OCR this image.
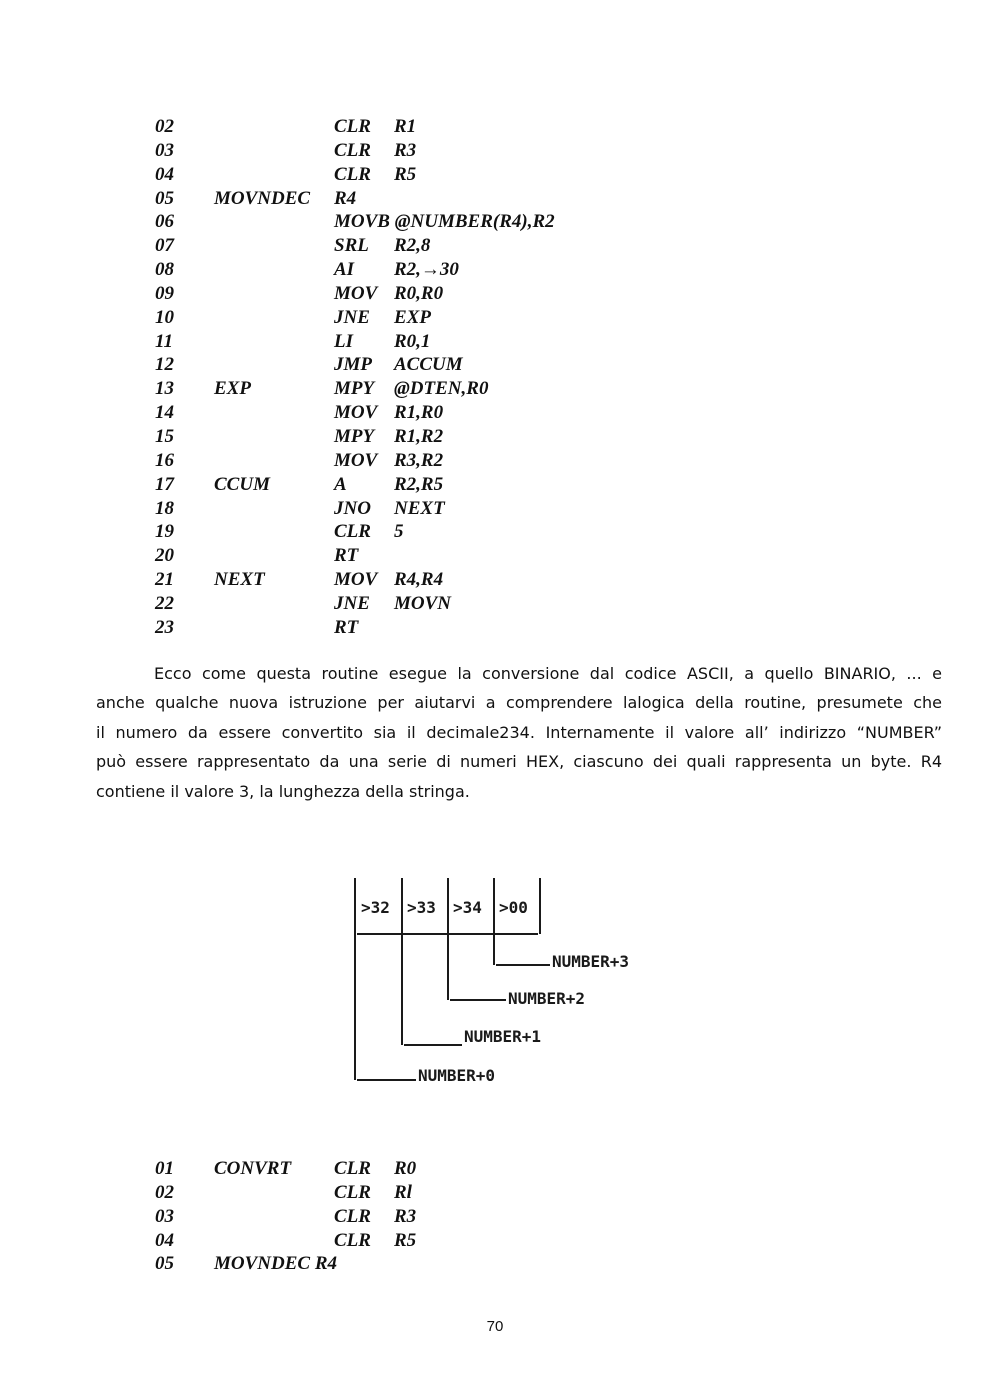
02	CLR R1
03	CLR R3
04	CLR R5
05 MOVNDEC R4
06	MOVB @NUMBER(R4),R2
07	SRL R2,8
08	AI R2,→30
09	MOV R0,R0
10	JNE EXP
11	LI R0,1
12	JMP ACCUM
13 EXP	MPY @DTEN,R0
14	MOV R1,R0
15	MPY R1,R2
16	MOV R3,R2
17 CCUM	A R2,R5
18	JNO NEXT
19	CLR 5
20	RT
21 NEXT	MOV R4,R4
22	JNE MOVN
23	RT
Ecco come questa routine esegue la conversione dal codice ASCII, a quello BINARIO, ... e
anche qualche nuova istruzione per aiutarvi a comprendere lalogica della routine, presumete che
il numero da essere convertito sia il decimale234. Internamente il valore all’ indirizzo “NUMBER”
può essere rappresentato da una serie di numeri HEX, ciascuno dei quali rappresenta un byte. R4
contiene il valore 3, la lunghezza della stringa.
>32 >33 >34 >00
NUMBER+3
NUMBER+2
NUMBER+1
NUMBER+0
01 CONVRT CLR R0
02	CLR Rl
03	CLR R3
04	CLR R5
05 MOVNDEC R4
70
